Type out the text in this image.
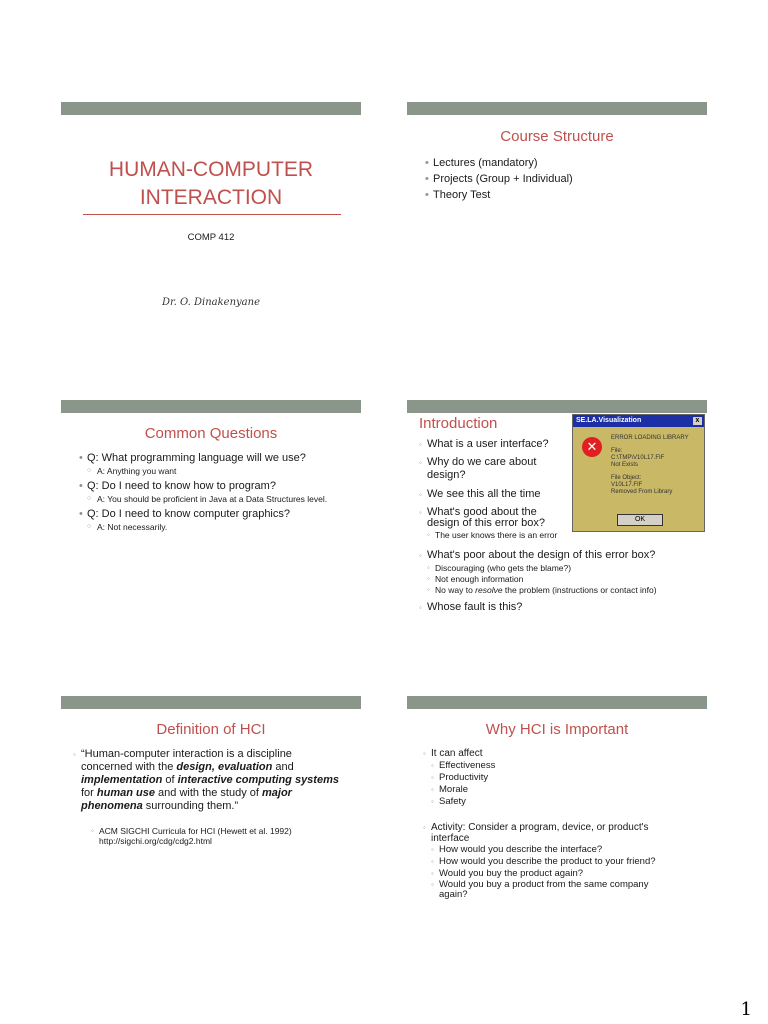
HUMAN-COMPUTER
INTERACTION
COMP 412
Dr. O. Dinakenyane
Course Structure
• Lectures (mandatory)
• Projects (Group + Individual)
• Theory Test
Common Questions
• Q: What programming language will we use?
○ A: Anything you want
• Q: Do I need to know how to program?
○ A: You should be proficient in Java at a Data Structures level.
• Q: Do I need to know computer graphics?
○ A: Not necessarily.
Introduction
◦ What is a user interface?
◦ Why do we care about design?
◦ We see this all the time
◦ What's good about the design of this error box?
◦ The user knows there is an error
◦ What's poor about the design of this error box?
◦ Discouraging (who gets the blame?)
◦ Not enough information
◦ No way to resolve the problem (instructions or contact info)
◦ Whose fault is this?
SE.LA.Visualization	x
✕
ERROR LOADING LIBRARY
File:
C:\TMP\V10L17.FIF
Not Exists
File Object:
V10L17.FIF
Removed From Library
OK
Definition of HCI
◦ “Human-computer interaction is a discipline concerned with the design, evaluation and implementation of interactive computing systems for human use and with the study of major phenomena surrounding them.”
◦ ACM SIGCHI Curricula for HCI (Hewett et al. 1992)
http://sigchi.org/cdg/cdg2.html
Why HCI is Important
◦ It can affect
◦ Effectiveness
◦ Productivity
◦ Morale
◦ Safety
◦ Activity: Consider a program, device, or product's interface
◦ How would you describe the interface?
◦ How would you describe the product to your friend?
◦ Would you buy the product again?
◦ Would you buy a product from the same company again?
1
